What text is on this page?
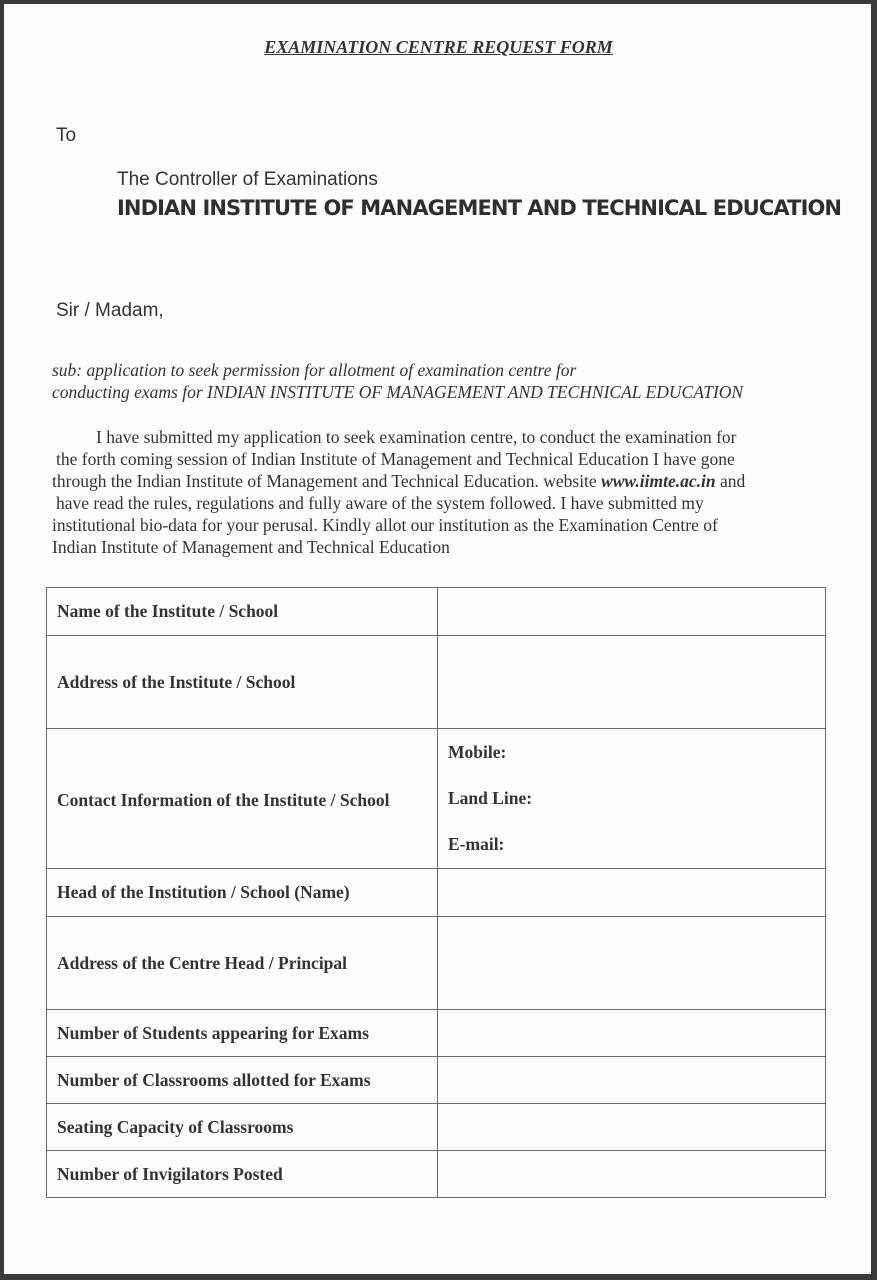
EXAMINATION CENTRE REQUEST FORM
To
The Controller of Examinations
INDIAN INSTITUTE OF MANAGEMENT AND TECHNICAL EDUCATION
Sir / Madam,
sub: application to seek permission for allotment of examination centre for
conducting exams for INDIAN INSTITUTE OF MANAGEMENT AND TECHNICAL EDUCATION
I have submitted my application to seek examination centre, to conduct the examination for
the forth coming session of Indian Institute of Management and Technical Education I have gone
through the Indian Institute of Management and Technical Education. website www.iimte.ac.in and
have read the rules, regulations and fully aware of the system followed. I have submitted my
institutional bio-data for your perusal. Kindly allot our institution as the Examination Centre of
Indian Institute of Management and Technical Education
Name of the Institute / School	
Address of the Institute / School	
Contact Information of the Institute / School	Mobile:
Land Line:
E-mail:

Head of the Institution / School (Name)	
Address of the Centre Head / Principal	
Number of Students appearing for Exams	
Number of Classrooms allotted for Exams	
Seating Capacity of Classrooms	
Number of Invigilators Posted	
